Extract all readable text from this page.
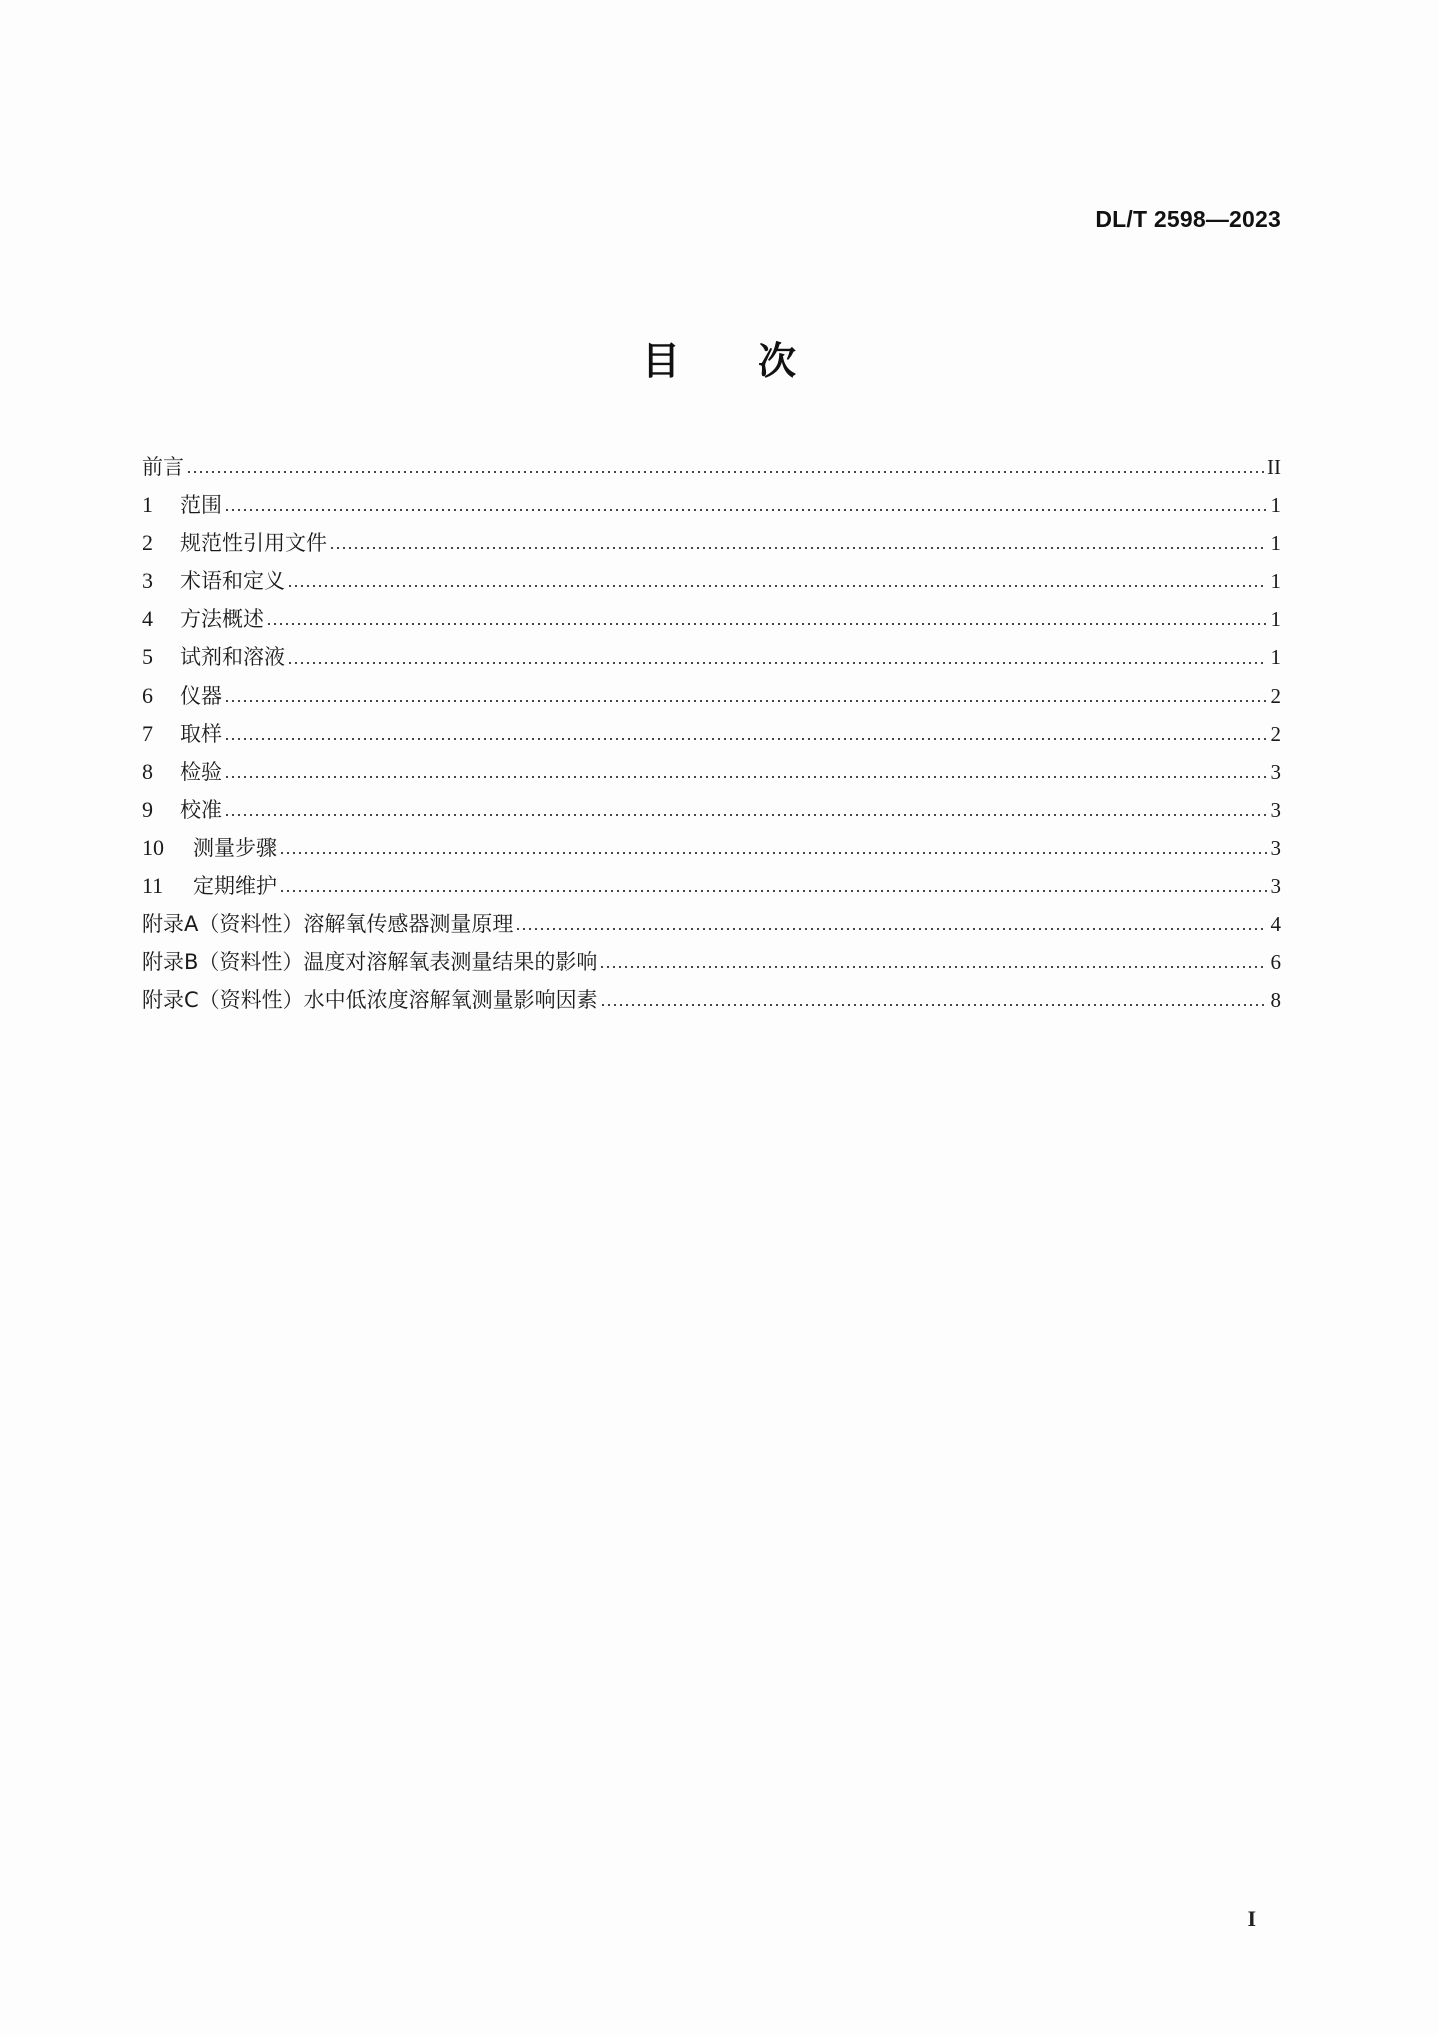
DL/T 2598—2023
目次
前言	II
1	范围	1
2	规范性引用文件	1
3	术语和定义	1
4	方法概述	1
5	试剂和溶液	1
6	仪器	2
7	取样	2
8	检验	3
9	校准	3
10	测量步骤	3
11	定期维护	3
附录A（资料性）溶解氧传感器测量原理	4
附录B（资料性）温度对溶解氧表测量结果的影响	6
附录C（资料性）水中低浓度溶解氧测量影响因素	8
I
